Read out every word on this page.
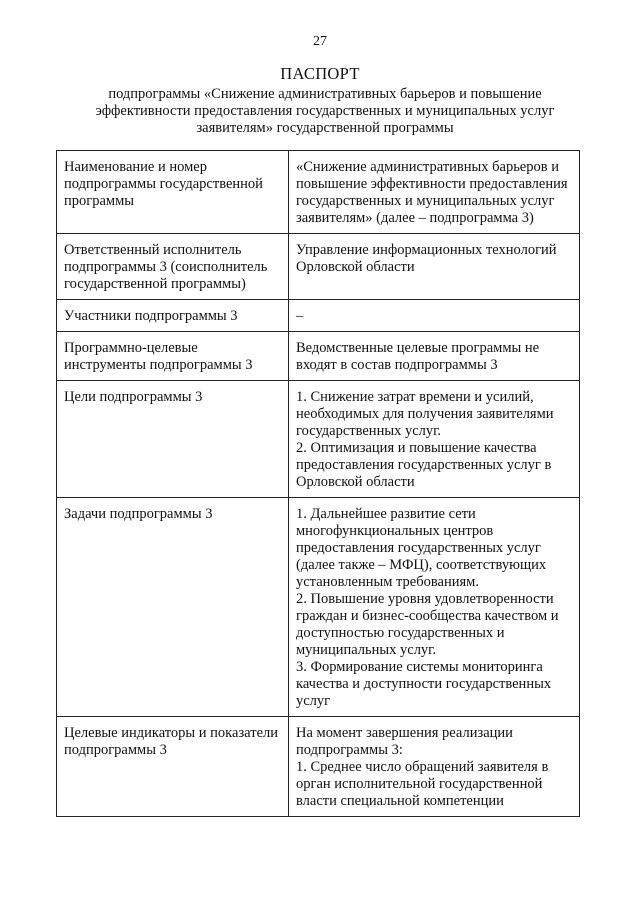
27
ПАСПОРТ
подпрограммы «Снижение административных барьеров и повышение эффективности предоставления государственных и муниципальных услуг заявителям» государственной программы
Наименование и номер подпрограммы государственной программы	«Снижение административных барьеров и повышение эффективности предоставления государственных и муниципальных услуг заявителям» (далее – подпрограмма 3)

Ответственный исполнитель подпрограммы 3 (соисполнитель государственной программы)	Управление информационных технологий Орловской области

Участники подпрограммы 3	–

Программно-целевые инструменты подпрограммы 3	Ведомственные целевые программы не входят в состав подпрограммы 3

Цели подпрограммы 3	1. Снижение затрат времени и усилий, необходимых для получения заявителями государственных услуг.
2. Оптимизация и повышение качества предоставления государственных услуг в Орловской области

Задачи подпрограммы 3	1. Дальнейшее развитие сети многофункциональных центров предоставления государственных услуг (далее также – МФЦ), соответствующих установленным требованиям.
2. Повышение уровня удовлетворенности граждан и бизнес-сообщества качеством и доступностью государственных и муниципальных услуг.
3. Формирование системы мониторинга качества и доступности государственных услуг

Целевые индикаторы и показатели подпрограммы 3	На момент завершения реализации подпрограммы 3:
1. Среднее число обращений заявителя в орган исполнительной государственной власти специальной компетенции
